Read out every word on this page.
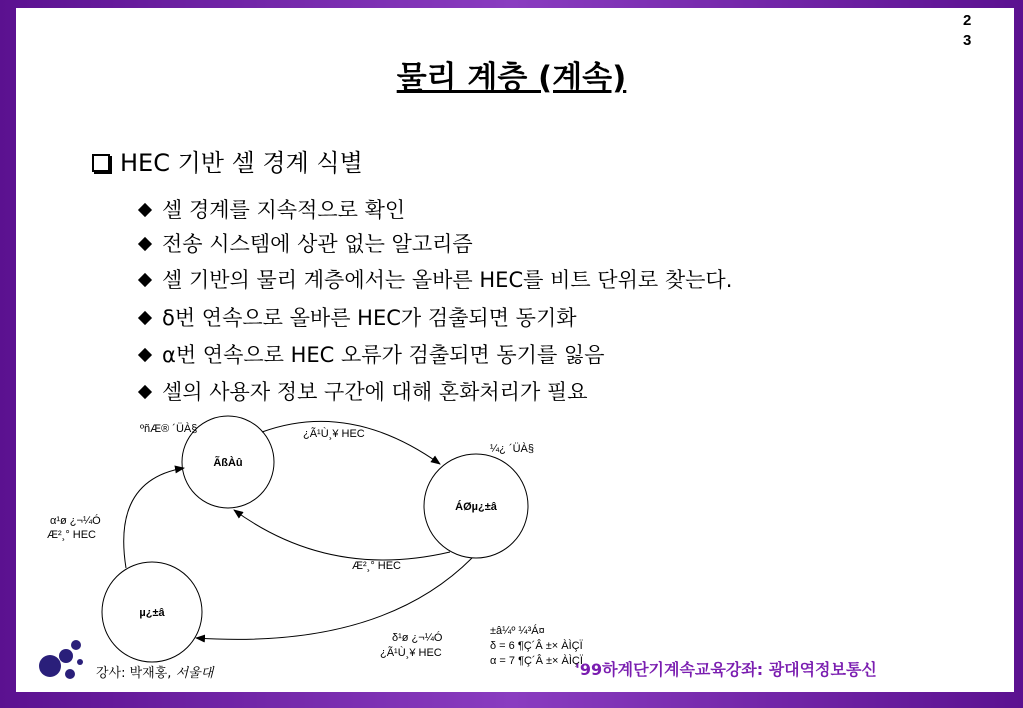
2
3
물리 계층 (계속)
HEC 기반 셀 경계 식별
셀 경계를 지속적으로 확인
전송 시스템에 상관 없는 알고리즘
셀 기반의 물리 계층에서는 올바른 HEC를 비트 단위로 찾는다.
δ번 연속으로 올바른 HEC가 검출되면 동기화
α번 연속으로 HEC 오류가 검출되면 동기를 잃음
셀의 사용자 정보 구간에 대해 혼화처리가 필요
ÃßÀû
ÁØµ¿±â
µ¿±â
ºñÆ® ´ÜÀ§	¿Ã¹Ù¸¥ HEC
¼¿ ´ÜÀ§
Æ²¸° HEC
α¹ø ¿¬¼Ó
Æ²¸° HEC
δ¹ø ¿¬¼Ó
¿Ã¹Ù¸¥ HEC
±â¼º ¼³Á¤
δ = 6 ¶Ç´Â ±× ÀÌÇÏ
α = 7 ¶Ç´Â ±× ÀÌÇÏ
강사: 박재홍, 서울대	'99하계단기계속교육강좌: 광대역정보통신
